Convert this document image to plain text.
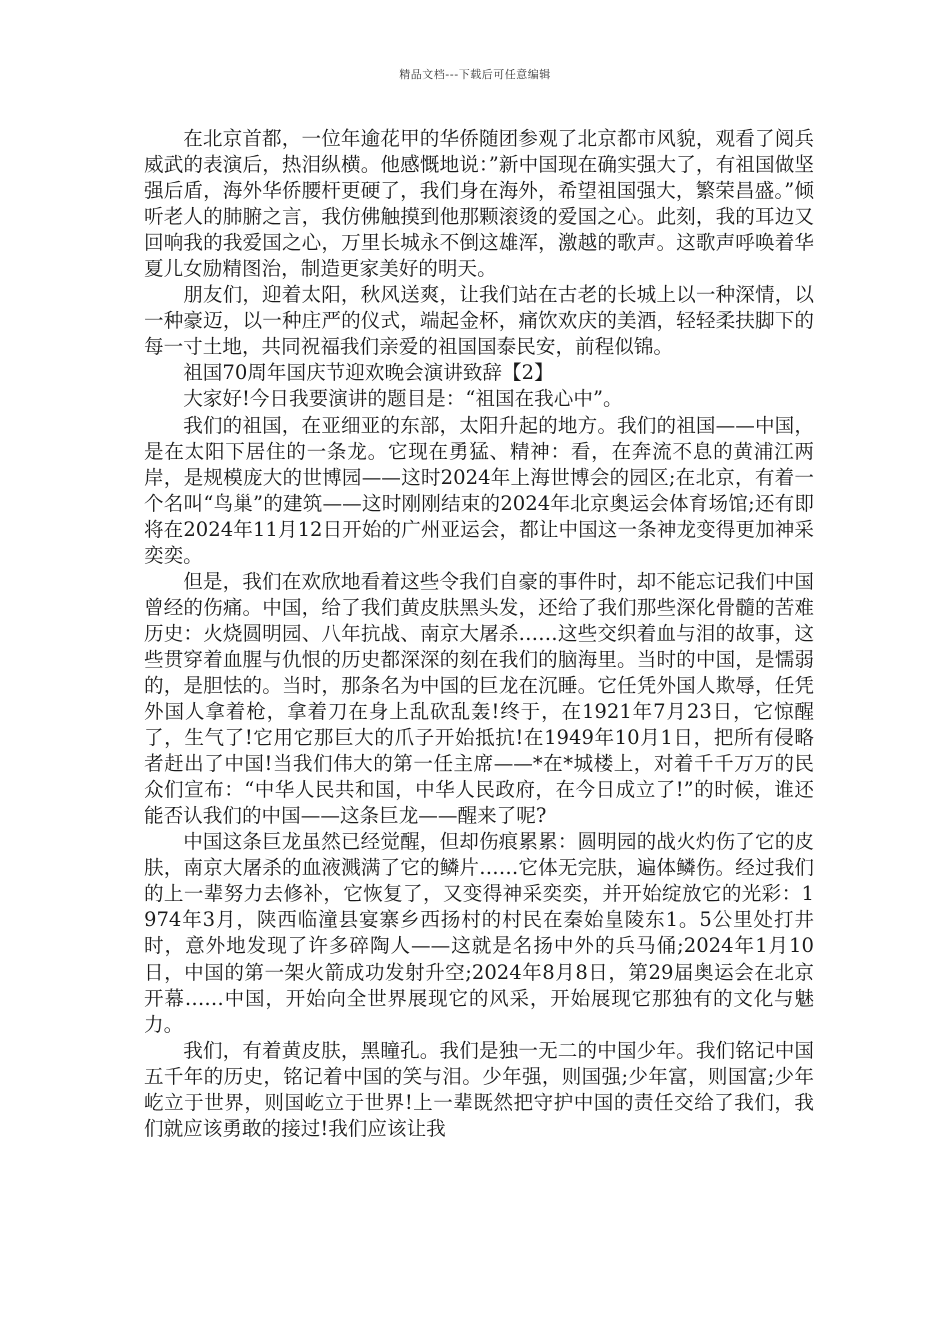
精品文档---下载后可任意编辑

在北京首都，一位年逾花甲的华侨随团参观了北京都市风貌，观看了阅兵威武的表演后，热泪纵横。他感慨地说：”新中国现在确实强大了，有祖国做坚强后盾，海外华侨腰杆更硬了，我们身在海外，希望祖国强大，繁荣昌盛。”倾听老人的肺腑之言，我仿佛触摸到他那颗滚烫的爱国之心。此刻，我的耳边又回响我的我爱国之心，万里长城永不倒这雄浑，激越的歌声。这歌声呼唤着华夏儿女励精图治，制造更家美好的明天。

朋友们，迎着太阳，秋风送爽，让我们站在古老的长城上以一种深情，以一种豪迈，以一种庄严的仪式，端起金杯，痛饮欢庆的美酒，轻轻柔扶脚下的每一寸土地，共同祝福我们亲爱的祖国国泰民安，前程似锦。

祖国70周年国庆节迎欢晚会演讲致辞【2】

大家好!今日我要演讲的题目是：“祖国在我心中”。

我们的祖国，在亚细亚的东部，太阳升起的地方。我们的祖国——中国，是在太阳下居住的一条龙。它现在勇猛、精神：看，在奔流不息的黄浦江两岸，是规模庞大的世博园——这时2024年上海世博会的园区;在北京，有着一个名叫“鸟巢”的建筑——这时刚刚结束的2024年北京奥运会体育场馆;还有即将在2024年11月12日开始的广州亚运会，都让中国这一条神龙变得更加神采奕奕。

但是，我们在欢欣地看着这些令我们自豪的事件时，却不能忘记我们中国曾经的伤痛。中国，给了我们黄皮肤黑头发，还给了我们那些深化骨髓的苦难历史：火烧圆明园、八年抗战、南京大屠杀……这些交织着血与泪的故事，这些贯穿着血腥与仇恨的历史都深深的刻在我们的脑海里。当时的中国，是懦弱的，是胆怯的。当时，那条名为中国的巨龙在沉睡。它任凭外国人欺辱，任凭外国人拿着枪，拿着刀在身上乱砍乱轰!终于，在1921年7月23日，它惊醒了，生气了!它用它那巨大的爪子开始抵抗!在1949年10月1日，把所有侵略者赶出了中国!当我们伟大的第一任主席——*在*城楼上，对着千千万万的民众们宣布：“中华人民共和国，中华人民政府，在今日成立了!”的时候，谁还能否认我们的中国——这条巨龙——醒来了呢?

中国这条巨龙虽然已经觉醒，但却伤痕累累：圆明园的战火灼伤了它的皮肤，南京大屠杀的血液溅满了它的鳞片……它体无完肤，遍体鳞伤。经过我们的上一辈努力去修补，它恢复了，又变得神采奕奕，并开始绽放它的光彩：1974年3月，陕西临潼县宴寨乡西扬村的村民在秦始皇陵东1。5公里处打井时，意外地发现了许多碎陶人——这就是名扬中外的兵马俑;2024年1月10日，中国的第一架火箭成功发射升空;2024年8月8日，第29届奥运会在北京开幕……中国，开始向全世界展现它的风采，开始展现它那独有的文化与魅力。

我们，有着黄皮肤，黑瞳孔。我们是独一无二的中国少年。我们铭记中国五千年的历史，铭记着中国的笑与泪。少年强，则国强;少年富，则国富;少年屹立于世界，则国屹立于世界!上一辈既然把守护中国的责任交给了我们，我们就应该勇敢的接过!我们应该让我
